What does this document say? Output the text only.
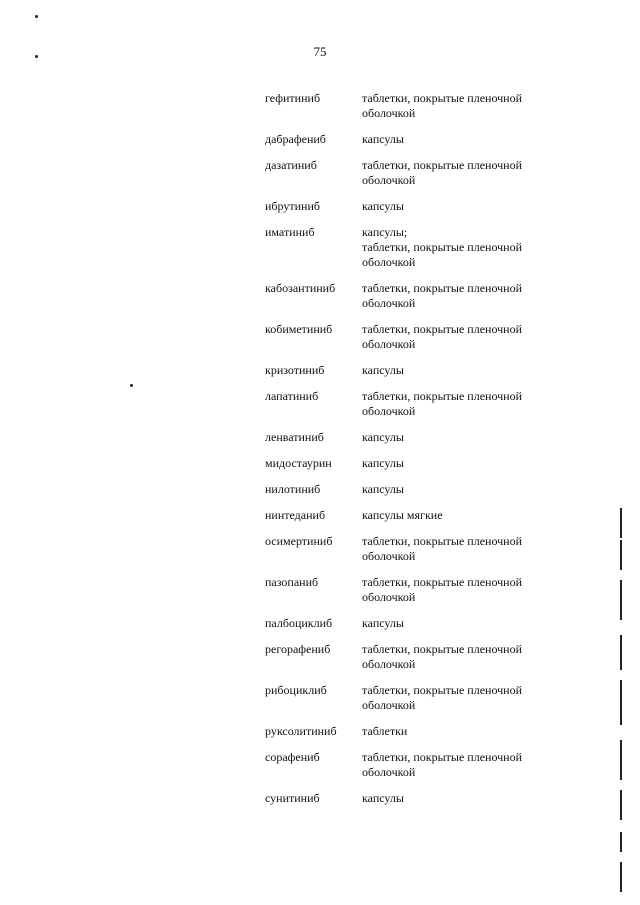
75
гефитиниб	таблетки, покрытые пленочной
оболочкой
дабрафениб	капсулы
дазатиниб	таблетки, покрытые пленочной
оболочкой
ибрутиниб	капсулы
иматиниб	капсулы;
таблетки, покрытые пленочной
оболочкой
кабозантиниб	таблетки, покрытые пленочной
оболочкой
кобиметиниб	таблетки, покрытые пленочной
оболочкой
кризотиниб	капсулы
лапатиниб	таблетки, покрытые пленочной
оболочкой
ленватиниб	капсулы
мидостаурин	капсулы
нилотиниб	капсулы
нинтеданиб	капсулы мягкие
осимертиниб	таблетки, покрытые пленочной
оболочкой
пазопаниб	таблетки, покрытые пленочной
оболочкой
палбоциклиб	капсулы
регорафениб	таблетки, покрытые пленочной
оболочкой
рибоциклиб	таблетки, покрытые пленочной
оболочкой
руксолитиниб	таблетки
сорафениб	таблетки, покрытые пленочной
оболочкой
сунитиниб	капсулы
